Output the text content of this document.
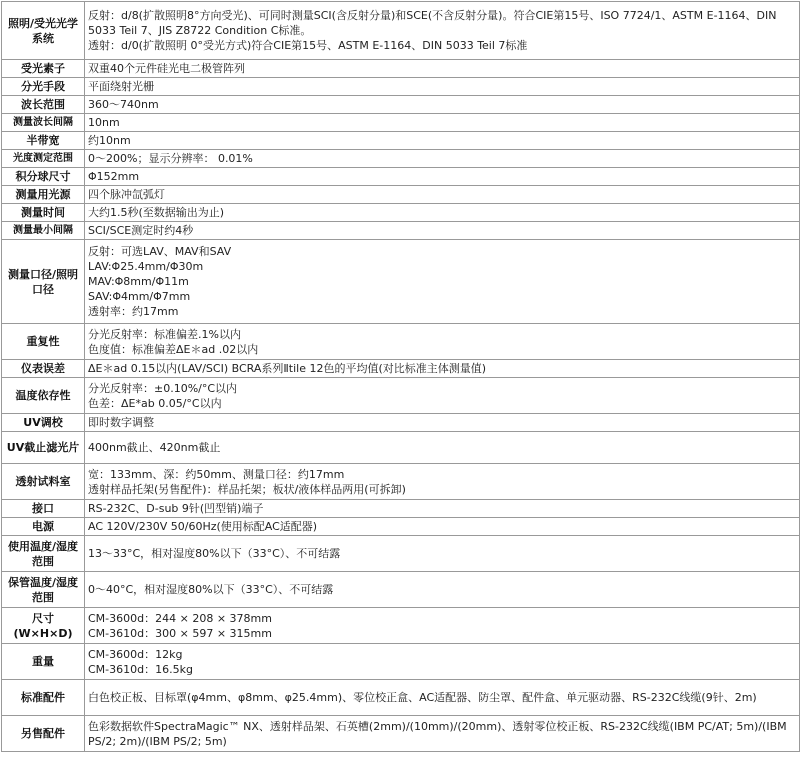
照明/受光光学系统	反射：d/8(扩散照明8°方向受光)、可同时测量SCI(含反射分量)和SCE(不含反射分量)。符合CIE第15号、ISO 7724/1、ASTM E-1164、DIN 5033 Teil 7、JIS Z8722 Condition C标准。
透射：d/0(扩散照明 0°受光方式)符合CIE第15号、ASTM E-1164、DIN 5033 Teil 7标准

受光素子	双重40个元件硅光电二极管阵列

分光手段	平面绕射光栅

波长范围	360～740nm

测量波长间隔	10nm

半带宽	约10nm

光度测定范围	0～200%；显示分辨率： 0.01%

积分球尺寸	Φ152mm

测量用光源	四个脉冲氙弧灯

测量时间	大约1.5秒(至数据输出为止)

测量最小间隔	SCI/SCE测定时约4秒

测量口径/照明口径	反射：可选LAV、MAV和SAV
LAV:Φ25.4mm/Φ30m
MAV:Φ8mm/Φ11m
SAV:Φ4mm/Φ7mm
透射率：约17mm

重复性	分光反射率：标准偏差.1%以内
色度值：标准偏差ΔE＊ad .02以内

仪表误差	ΔE＊ad 0.15以内(LAV/SCI) BCRA系列Ⅱtile 12色的平均值(对比标准主体测量值)

温度依存性	分光反射率：±0.10%/°C以内
色差：ΔE*ab 0.05/°C以内

UV调校	即时数字调整

UV截止滤光片	400nm截止、420nm截止

透射试料室	宽：133mm、深：约50mm、测量口径：约17mm
透射样品托架(另售配件)：样品托架；板状/液体样品两用(可拆卸)

接口	RS-232C、D-sub 9针(凹型销)端子

电源	AC 120V/230V 50/60Hz(使用标配AC适配器)

使用温度/湿度范围	13～33°C，相对湿度80%以下（33°C）、不可结露

保管温度/湿度范围	0～40°C，相对湿度80%以下（33°C）、不可结露

尺寸(W×H×D)	CM-3600d：244 × 208 × 378mm
CM-3610d：300 × 597 × 315mm

重量	CM-3600d：12kg
CM-3610d：16.5kg

标准配件	白色校正板、目标罩(φ4mm、φ8mm、φ25.4mm)、零位校正盒、AC适配器、防尘罩、配件盒、单元驱动器、RS-232C线缆(9针、2m)

另售配件	色彩数据软件SpectraMagic™ NX、透射样品架、石英槽(2mm)/(10mm)/(20mm)、透射零位校正板、RS-232C线缆(IBM PC/AT; 5m)/(IBM PS/2; 2m)/(IBM PS/2; 5m)
